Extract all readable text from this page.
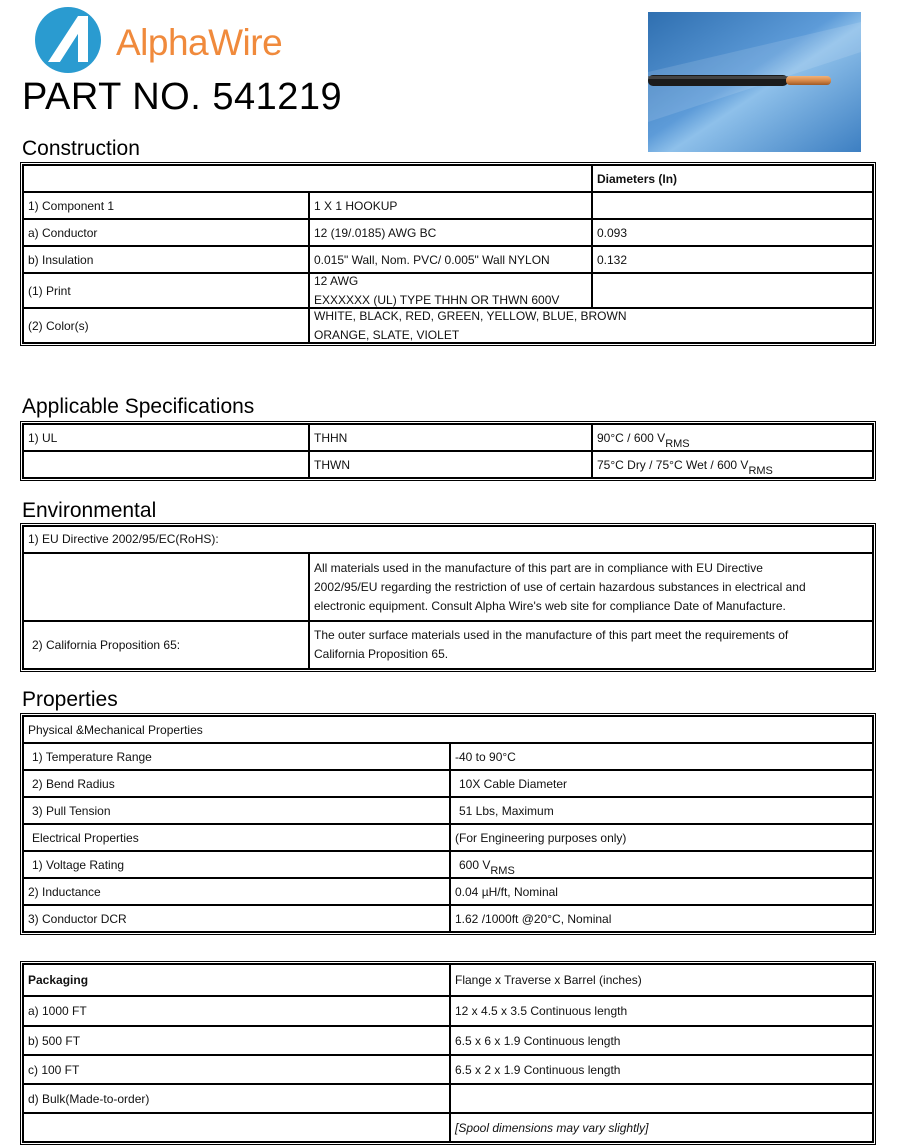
AlphaWire
PART NO. 541219
Construction
		Diameters (In)
1) Component 1	1 X 1 HOOKUP	
a) Conductor	12 (19/.0185) AWG BC	0.093
b) Insulation	0.015" Wall, Nom. PVC/ 0.005" Wall NYLON	0.132
(1) Print	12 AWG
EXXXXXX (UL) TYPE THHN OR THWN 600V	

(2) Color(s)	WHITE, BLACK, RED, GREEN, YELLOW, BLUE, BROWN
ORANGE, SLATE, VIOLET	
Applicable Specifications
1) UL	THHN	90°C / 600 VRMS
	THWN	75°C Dry / 75°C Wet / 600 VRMS
Environmental
1) EU Directive 2002/95/EC(RoHS):	

	All materials used in the manufacture of this part are in compliance with EU Directive
2002/95/EU regarding the restriction of use of certain hazardous substances in electrical and
electronic equipment. Consult Alpha Wire's web site for compliance Date of Manufacture.

2) California Proposition 65:	The outer surface materials used in the manufacture of this part meet the requirements of
California Proposition 65.
Properties
Physical &Mechanical Properties	
1) Temperature Range	-40 to 90°C
2) Bend Radius	10X Cable Diameter
3) Pull Tension	51 Lbs, Maximum
Electrical Properties	(For Engineering purposes only)
1) Voltage Rating	600 VRMS
2) Inductance	0.04 µH/ft, Nominal
3) Conductor DCR	1.62 /1000ft @20°C, Nominal
Packaging	Flange x Traverse x Barrel (inches)
a) 1000 FT	12 x 4.5 x 3.5 Continuous length
b) 500 FT	6.5 x 6 x 1.9 Continuous length
c) 100 FT	6.5 x 2 x 1.9 Continuous length
d) Bulk(Made-to-order)	
	[Spool dimensions may vary slightly]
